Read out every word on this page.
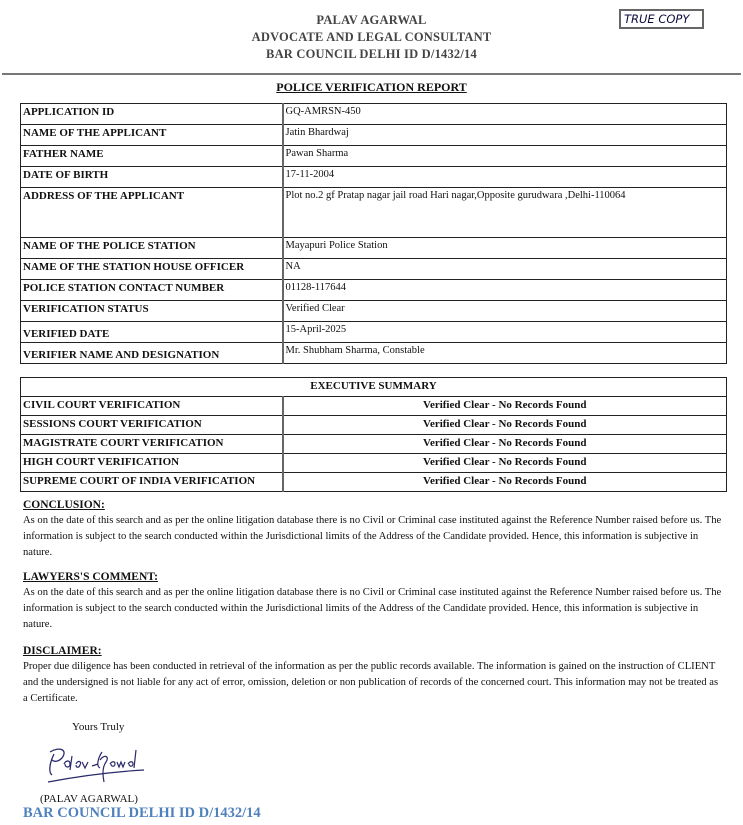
PALAV AGARWAL
ADVOCATE AND LEGAL CONSULTANT
BAR COUNCIL DELHI ID D/1432/14
TRUE COPY
POLICE VERIFICATION REPORT
APPLICATION ID	GQ-AMRSN-450
NAME OF THE APPLICANT	Jatin Bhardwaj
FATHER NAME	Pawan Sharma
DATE OF BIRTH	17-11-2004
ADDRESS OF THE APPLICANT	Plot no.2 gf Pratap nagar jail road Hari nagar,Opposite gurudwara ,Delhi-110064
NAME OF THE POLICE STATION	Mayapuri Police Station
NAME OF THE STATION HOUSE OFFICER	NA
POLICE STATION CONTACT NUMBER	01128-117644
VERIFICATION STATUS	Verified Clear
VERIFIED DATE	15-April-2025
VERIFIER NAME AND DESIGNATION	Mr. Shubham Sharma, Constable
EXECUTIVE SUMMARY	
CIVIL COURT VERIFICATION	Verified Clear - No Records Found
SESSIONS COURT VERIFICATION	Verified Clear - No Records Found
MAGISTRATE COURT VERIFICATION	Verified Clear - No Records Found
HIGH COURT VERIFICATION	Verified Clear - No Records Found
SUPREME COURT OF INDIA VERIFICATION	Verified Clear - No Records Found
CONCLUSION:

As on the date of this search and as per the online litigation database there is no Civil or Criminal case instituted against the Reference Number raised before us. The information is subject to the search conducted within the Jurisdictional limits of the Address of the Candidate provided. Hence, this information is subjective in nature.

LAWYERS'S COMMENT:

As on the date of this search and as per the online litigation database there is no Civil or Criminal case instituted against the Reference Number raised before us. The information is subject to the search conducted within the Jurisdictional limits of the Address of the Candidate provided. Hence, this information is subjective in nature.

DISCLAIMER:

Proper due diligence has been conducted in retrieval of the information as per the public records available. The information is gained on the instruction of CLIENT and the undersigned is not liable for any act of error, omission, deletion or non publication of records of the concerned court. This information may not be treated as a Certificate.

Yours Truly
(PALAV AGARWAL)
BAR COUNCIL DELHI ID D/1432/14
